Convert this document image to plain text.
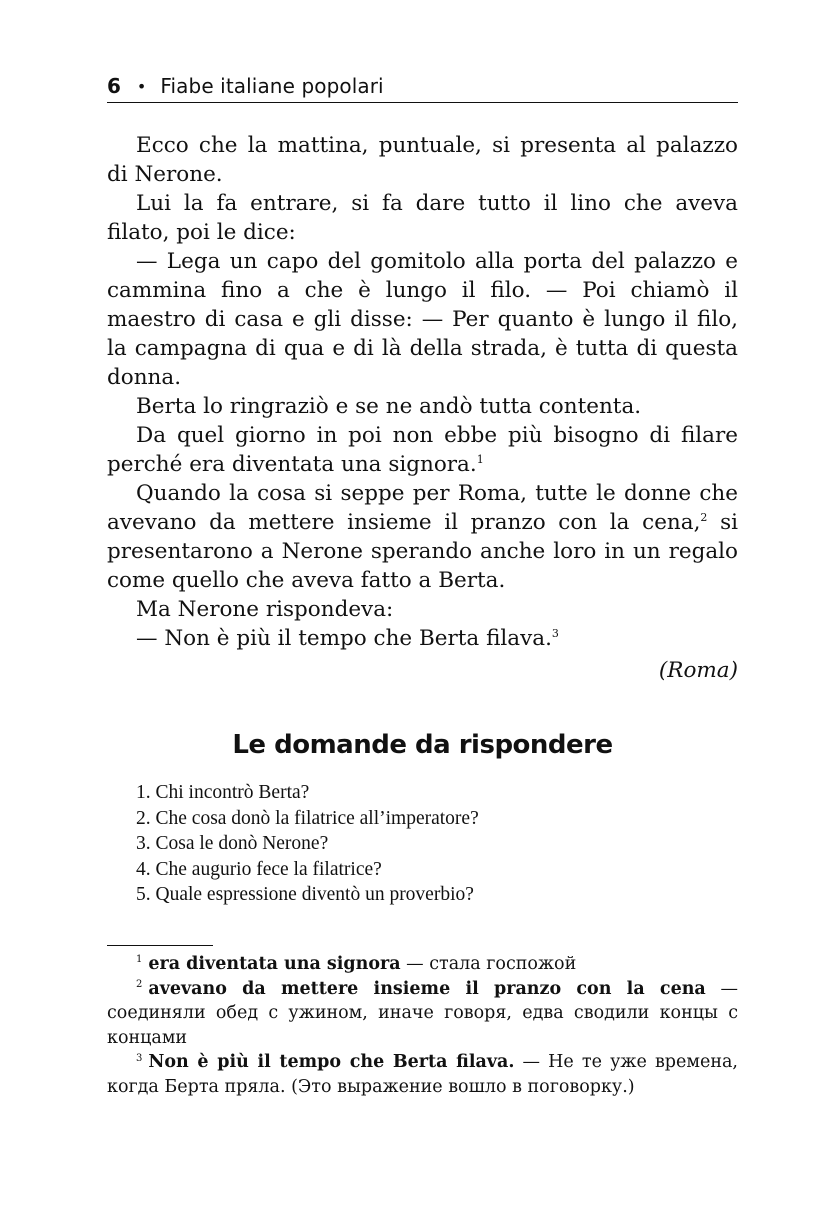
6 • Fiabe italiane popolari

Ecco che la mattina, puntuale, si presenta al palazzo di Nerone.

Lui la fa entrare, si fa dare tutto il lino che aveva filato, poi le dice:

— Lega un capo del gomitolo alla porta del palazzo e cammina fino a che è lungo il filo. — Poi chiamò il maestro di casa e gli disse: — Per quanto è lungo il filo, la campagna di qua e di là della strada, è tutta di questa donna.

Berta lo ringraziò e se ne andò tutta contenta.

Da quel giorno in poi non ebbe più bisogno di filare perché era diventata una signora.$^1$

Quando la cosa si seppe per Roma, tutte le donne che avevano da mettere insieme il pranzo con la cena,$^2$ si presentarono a Nerone sperando anche loro in un regalo come quello che aveva fatto a Berta.

Ma Nerone rispondeva:

— Non è più il tempo che Berta filava.$^3$

(Roma)
Le domande da rispondere
1. Chi incontrò Berta?
2. Che cosa donò la filatrice all’imperatore?
3. Cosa le donò Nerone?
4. Che augurio fece la filatrice?
5. Quale espressione diventò un proverbio?

$^1$ era diventata una signora — стала госпожой

$^2$ avevano da mettere insieme il pranzo con la cena — соединяли обед с ужином, иначе говоря, едва сводили концы с концами

$^3$ Non è più il tempo che Berta filava. — Не те уже времена, когда Берта пряла. (Это выражение вошло в поговорку.)
